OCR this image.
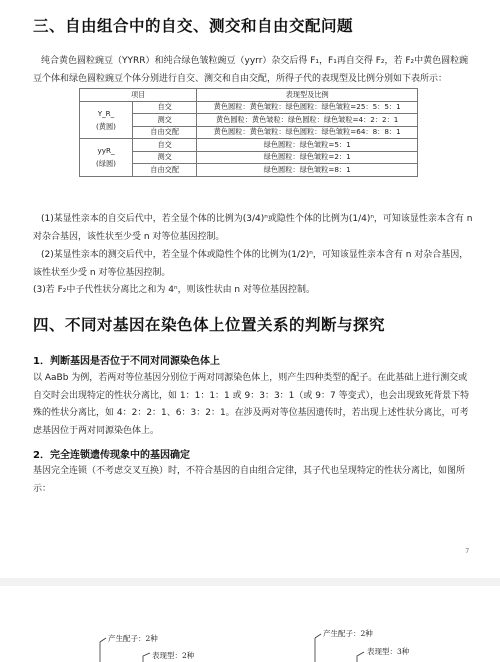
三、自由组合中的自交、测交和自由交配问题
纯合黄色圆粒豌豆（YYRR）和纯合绿色皱粒豌豆（yyrr）杂交后得 F₁，F₁再自交得 F₂，若 F₂中黄色圆粒豌豆个体和绿色圆粒豌豆个体分别进行自交、测交和自由交配，所得子代的表现型及比例分别如下表所示：
项目		表现型及比例

Y_R_
(黄圆)	自交	黄色圆粒：黄色皱粒：绿色圆粒：绿色皱粒=25：5：5：1
	测交	黄色圆粒：黄色皱粒：绿色圆粒：绿色皱粒=4：2：2：1
	自由交配	黄色圆粒：黄色皱粒：绿色圆粒：绿色皱粒=64：8：8：1

yyR_
(绿圆)	自交	绿色圆粒：绿色皱粒=5：1
	测交	绿色圆粒：绿色皱粒=2：1
	自由交配	绿色圆粒：绿色皱粒=8：1
(1)某显性亲本的自交后代中，若全显个体的比例为(3/4)ⁿ或隐性个体的比例为(1/4)ⁿ，可知该显性亲本含有 n 对杂合基因，该性状至少受 n 对等位基因控制。
(2)某显性亲本的测交后代中，若全显个体或隐性个体的比例为(1/2)ⁿ，可知该显性亲本含有 n 对杂合基因，该性状至少受 n 对等位基因控制。
(3)若 F₂中子代性状分离比之和为 4ⁿ，则该性状由 n 对等位基因控制。
四、不同对基因在染色体上位置关系的判断与探究
1．判断基因是否位于不同对同源染色体上
以 AaBb 为例，若两对等位基因分别位于两对同源染色体上，则产生四种类型的配子。在此基础上进行测交或自交时会出现特定的性状分离比，如 1：1：1：1 或 9：3：3：1（或 9：7 等变式），也会出现致死背景下特殊的性状分离比，如 4：2：2：1、6：3：2：1。在涉及两对等位基因遗传时，若出现上述性状分离比，可考虑基因位于两对同源染色体上。
2．完全连锁遗传现象中的基因确定
基因完全连锁（不考虑交叉互换）时，不符合基因的自由组合定律，其子代也呈现特定的性状分离比，如图所示：
7
产生配子：2种
表现型：2种
产生配子：2种
表现型：3种
